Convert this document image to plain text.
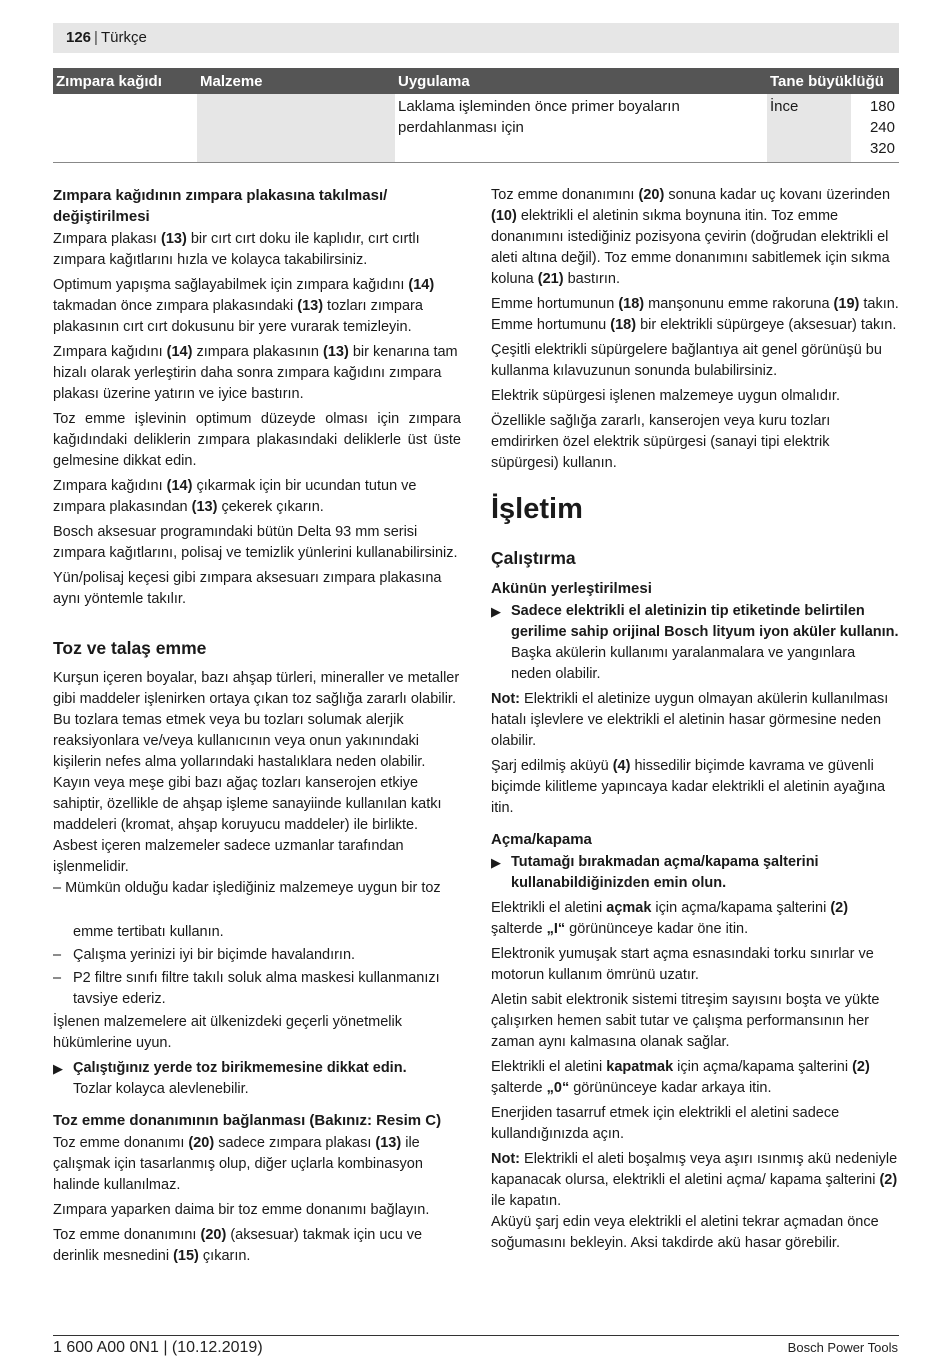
126 | Türkçe
Zımpara kağıdı	Malzeme	Uygulama	Tane büyüklüğü	
		Laklama işleminden önce primer boyaların perdahlanması için	İnce	180
240
320
Zımpara kağıdının zımpara plakasına takılması/ değiştirilmesi

Zımpara plakası (13) bir cırt cırt doku ile kaplıdır, cırt cırtlı zımpara kağıtlarını hızla ve kolayca takabilirsiniz.

Optimum yapışma sağlayabilmek için zımpara kağıdını (14) takmadan önce zımpara plakasındaki (13) tozları zımpara plakasının cırt cırt dokusunu bir yere vurarak temizleyin.

Zımpara kağıdını (14) zımpara plakasının (13) bir kenarına tam hizalı olarak yerleştirin daha sonra zımpara kağıdını zımpara plakası üzerine yatırın ve iyice bastırın.

Toz emme işlevinin optimum düzeyde olması için zımpara kağıdındaki deliklerin zımpara plakasındaki deliklerle üst üste gelmesine dikkat edin.

Zımpara kağıdını (14) çıkarmak için bir ucundan tutun ve zımpara plakasından (13) çekerek çıkarın.

Bosch aksesuar programındaki bütün Delta 93 mm serisi zımpara kağıtlarını, polisaj ve temizlik yünlerini kullanabilirsiniz.

Yün/polisaj keçesi gibi zımpara aksesuarı zımpara plakasına aynı yöntemle takılır.

Toz ve talaş emme

Kurşun içeren boyalar, bazı ahşap türleri, mineraller ve metaller gibi maddeler işlenirken ortaya çıkan toz sağlığa zararlı olabilir. Bu tozlara temas etmek veya bu tozları solumak alerjik reaksiyonlara ve/veya kullanıcının veya onun yakınındaki kişilerin nefes alma yollarındaki hastalıklara neden olabilir.

Kayın veya meşe gibi bazı ağaç tozları kanserojen etkiye sahiptir, özellikle de ahşap işleme sanayiinde kullanılan katkı maddeleri (kromat, ahşap koruyucu maddeler) ile birlikte. Asbest içeren malzemeler sadece uzmanlar tarafından işlenmelidir.

– Mümkün olduğu kadar işlediğiniz malzemeye uygun bir toz

emme tertibatı kullanın.

– Çalışma yerinizi iyi bir biçimde havalandırın.
– P2 filtre sınıfı filtre takılı soluk alma maskesi kullanmanızı tavsiye ederiz.

İşlenen malzemelere ait ülkenizdeki geçerli yönetmelik hükümlerine uyun.

▶ Çalıştığınız yerde toz birikmemesine dikkat edin.
Tozlar kolayca alevlenebilir.
Toz emme donanımının bağlanması (Bakınız: Resim C)

Toz emme donanımı (20) sadece zımpara plakası (13) ile çalışmak için tasarlanmış olup, diğer uçlarla kombinasyon halinde kullanılmaz.

Zımpara yaparken daima bir toz emme donanımı bağlayın.

Toz emme donanımını (20) (aksesuar) takmak için ucu ve derinlik mesnedini (15) çıkarın.

Toz emme donanımını (20) sonuna kadar uç kovanı üzerinden (10) elektrikli el aletinin sıkma boynuna itin. Toz emme donanımını istediğiniz pozisyona çevirin (doğrudan elektrikli el aleti altına değil). Toz emme donanımını sabitlemek için sıkma koluna (21) bastırın.

Emme hortumunun (18) manşonunu emme rakoruna (19) takın. Emme hortumunu (18) bir elektrikli süpürgeye (aksesuar) takın.

Çeşitli elektrikli süpürgelere bağlantıya ait genel görünüşü bu kullanma kılavuzunun sonunda bulabilirsiniz.

Elektrik süpürgesi işlenen malzemeye uygun olmalıdır.

Özellikle sağlığa zararlı, kanserojen veya kuru tozları emdirirken özel elektrik süpürgesi (sanayi tipi elektrik süpürgesi) kullanın.

İşletim
Çalıştırma
Akünün yerleştirilmesi
▶ Sadece elektrikli el aletinizin tip etiketinde belirtilen gerilime sahip orijinal Bosch lityum iyon aküler kullanın. Başka akülerin kullanımı yaralanmalara ve yangınlara neden olabilir.

Not: Elektrikli el aletinize uygun olmayan akülerin kullanılması hatalı işlevlere ve elektrikli el aletinin hasar görmesine neden olabilir.

Şarj edilmiş aküyü (4) hissedilir biçimde kavrama ve güvenli biçimde kilitleme yapıncaya kadar elektrikli el aletinin ayağına itin.

Açma/kapama
▶ Tutamağı bırakmadan açma/kapama şalterini kullanabildiğinizden emin olun.

Elektrikli el aletini açmak için açma/kapama şalterini (2) şalterde „I“ görününceye kadar öne itin.

Elektronik yumuşak start açma esnasındaki torku sınırlar ve motorun kullanım ömrünü uzatır.

Aletin sabit elektronik sistemi titreşim sayısını boşta ve yükte çalışırken hemen sabit tutar ve çalışma performansının her zaman aynı kalmasına olanak sağlar.

Elektrikli el aletini kapatmak için açma/kapama şalterini (2) şalterde „0“ görününceye kadar arkaya itin.

Enerjiden tasarruf etmek için elektrikli el aletini sadece kullandığınızda açın.

Not: Elektrikli el aleti boşalmış veya aşırı ısınmış akü nedeniyle kapanacak olursa, elektrikli el aletini açma/ kapama şalterini (2) ile kapatın.

Aküyü şarj edin veya elektrikli el aletini tekrar açmadan önce soğumasını bekleyin. Aksi takdirde akü hasar görebilir.

1 600 A00 0N1 | (10.12.2019)	Bosch Power Tools
